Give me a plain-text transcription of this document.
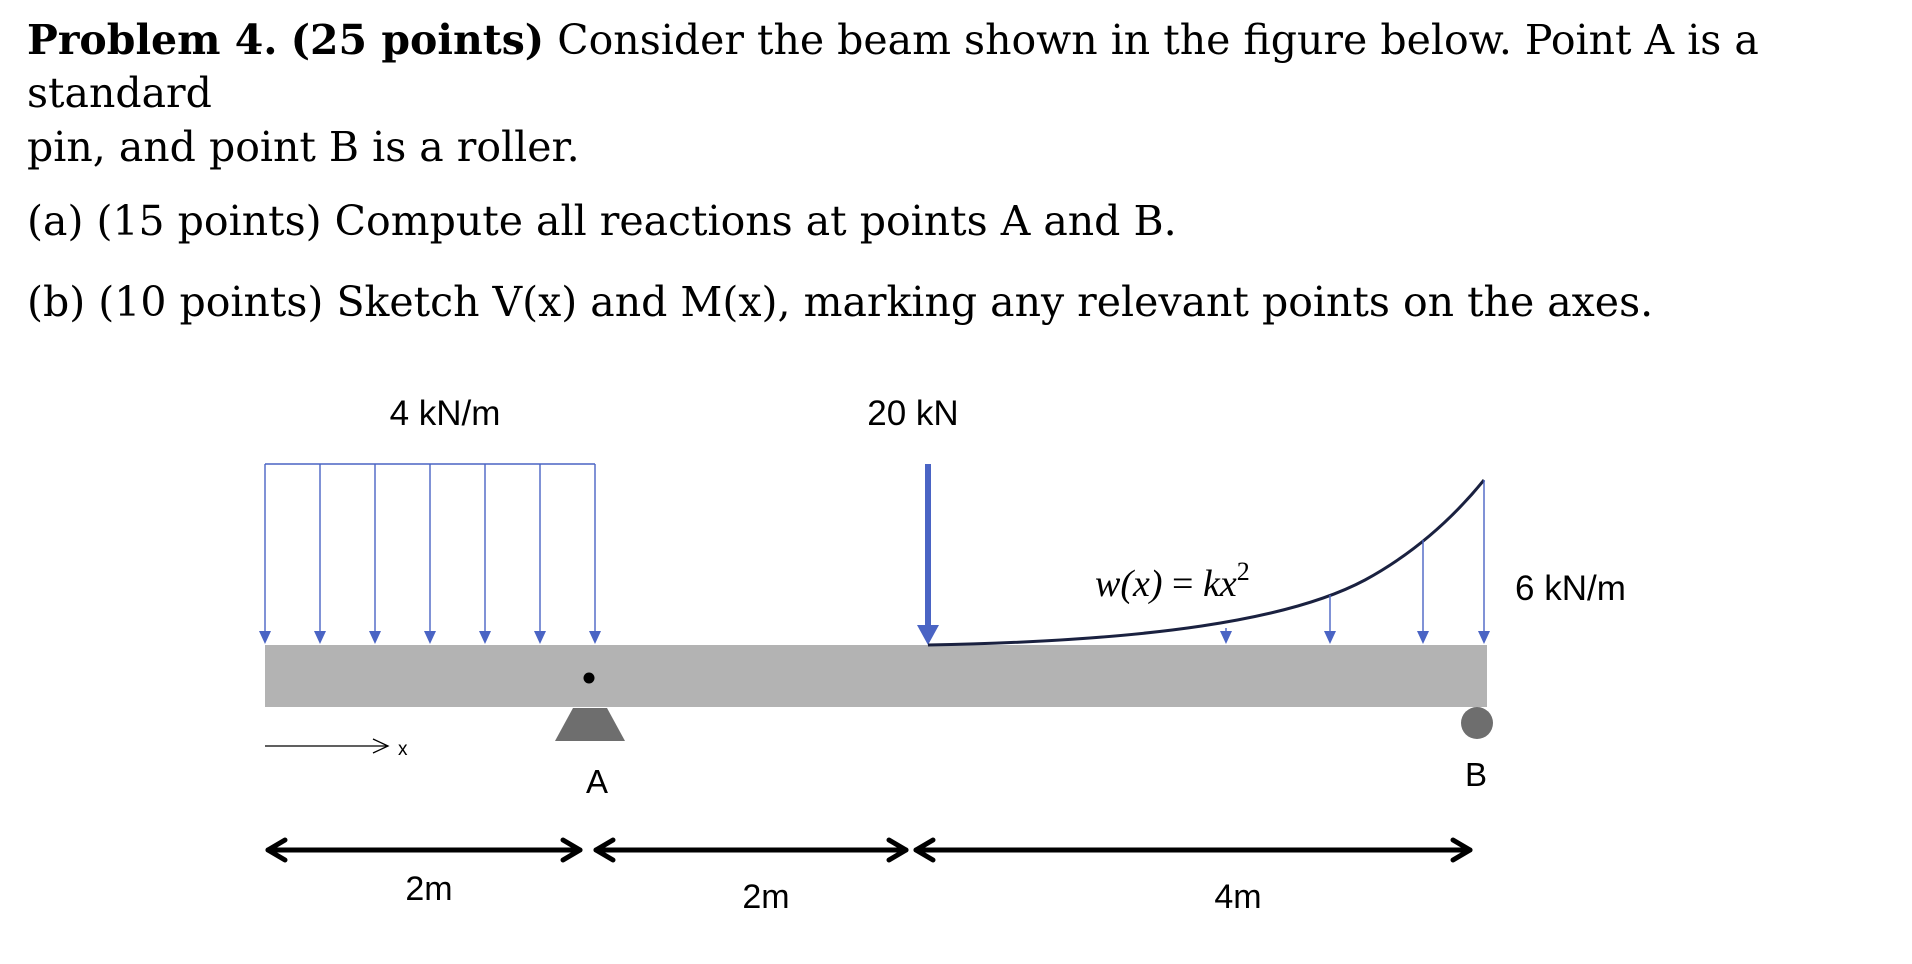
Problem 4. (25 points) Consider the beam shown in the figure below. Point A is a standard

pin, and point B is a roller.

(a) (15 points) Compute all reactions at points A and B.

(b) (10 points) Sketch V(x) and M(x), marking any relevant points on the axes.

4 kN/m	20 kN
$w(x) = kx^2$	6 kN/m
A	B
x
2m	2m	4m
